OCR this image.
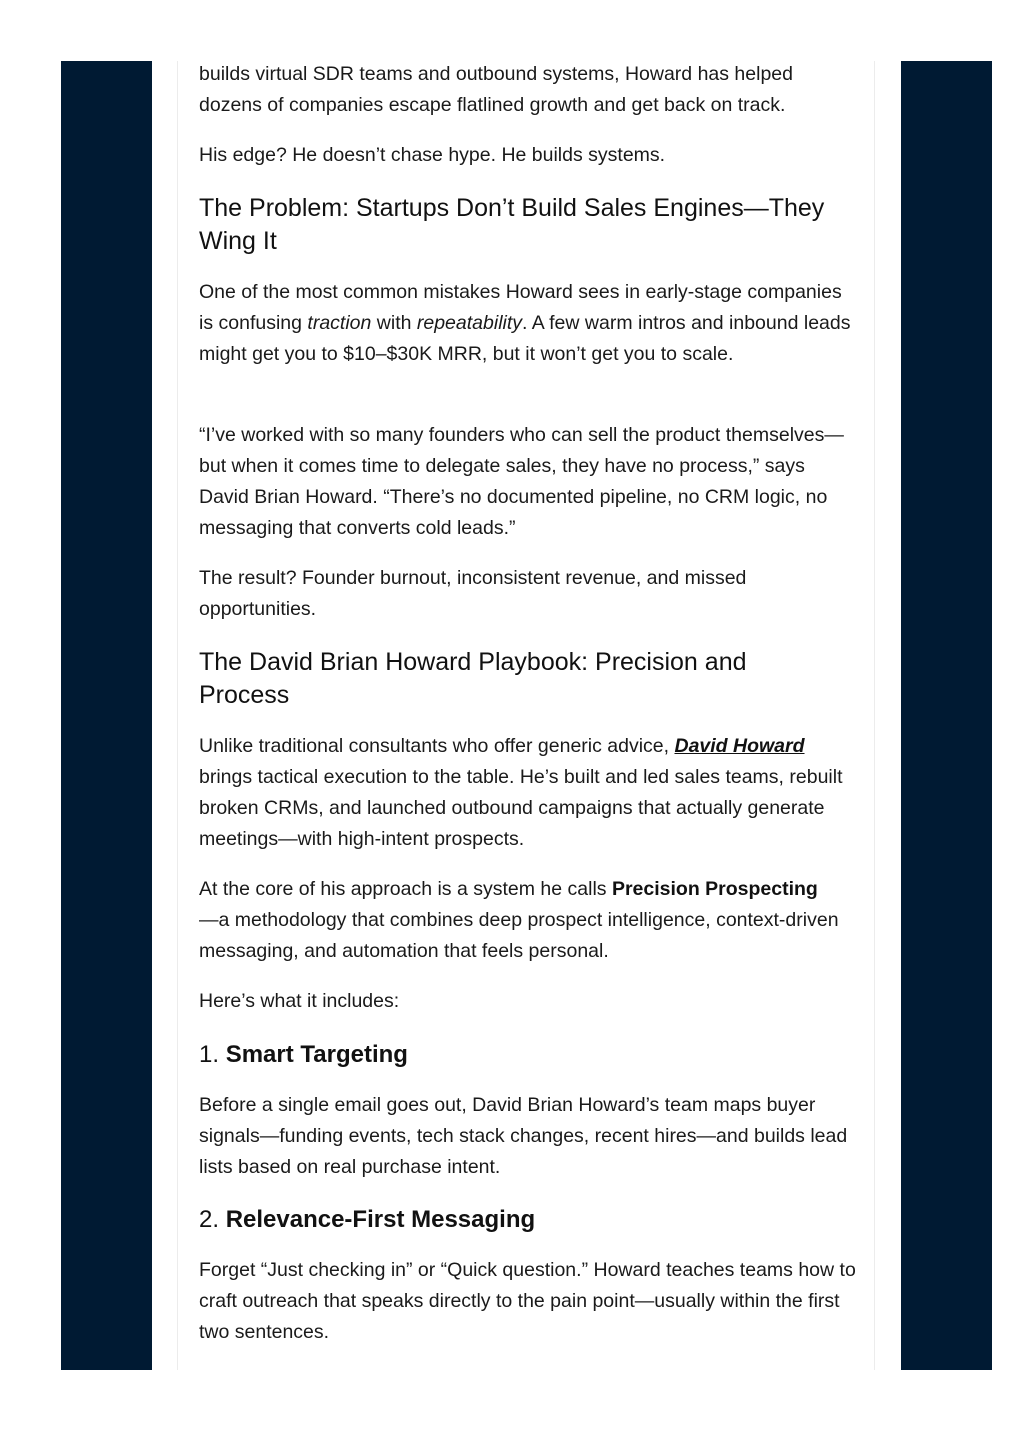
builds virtual SDR teams and outbound systems, Howard has helped dozens of companies escape flatlined growth and get back on track.

His edge? He doesn’t chase hype. He builds systems.

The Problem: Startups Don’t Build Sales Engines—They
Wing It

One of the most common mistakes Howard sees in early-stage companies is confusing traction with repeatability. A few warm intros and inbound leads might get you to $10–$30K MRR, but it won’t get you to scale.

“I’ve worked with so many founders who can sell the product themselves—but when it comes time to delegate sales, they have no process,” says David Brian Howard. “There’s no documented pipeline, no CRM logic, no messaging that converts cold leads.”

The result? Founder burnout, inconsistent revenue, and missed opportunities.

The David Brian Howard Playbook: Precision and
Process

Unlike traditional consultants who offer generic advice, David Howard brings tactical execution to the table. He’s built and led sales teams, rebuilt broken CRMs, and launched outbound campaigns that actually generate meetings—with high-intent prospects.

At the core of his approach is a system he calls Precision Prospecting
—a methodology that combines deep prospect intelligence, context-driven messaging, and automation that feels personal.

Here’s what it includes:

1. Smart Targeting

Before a single email goes out, David Brian Howard’s team maps buyer signals—funding events, tech stack changes, recent hires—and builds lead lists based on real purchase intent.

2. Relevance-First Messaging

Forget “Just checking in” or “Quick question.” Howard teaches teams how to craft outreach that speaks directly to the pain point—usually within the first two sentences.
